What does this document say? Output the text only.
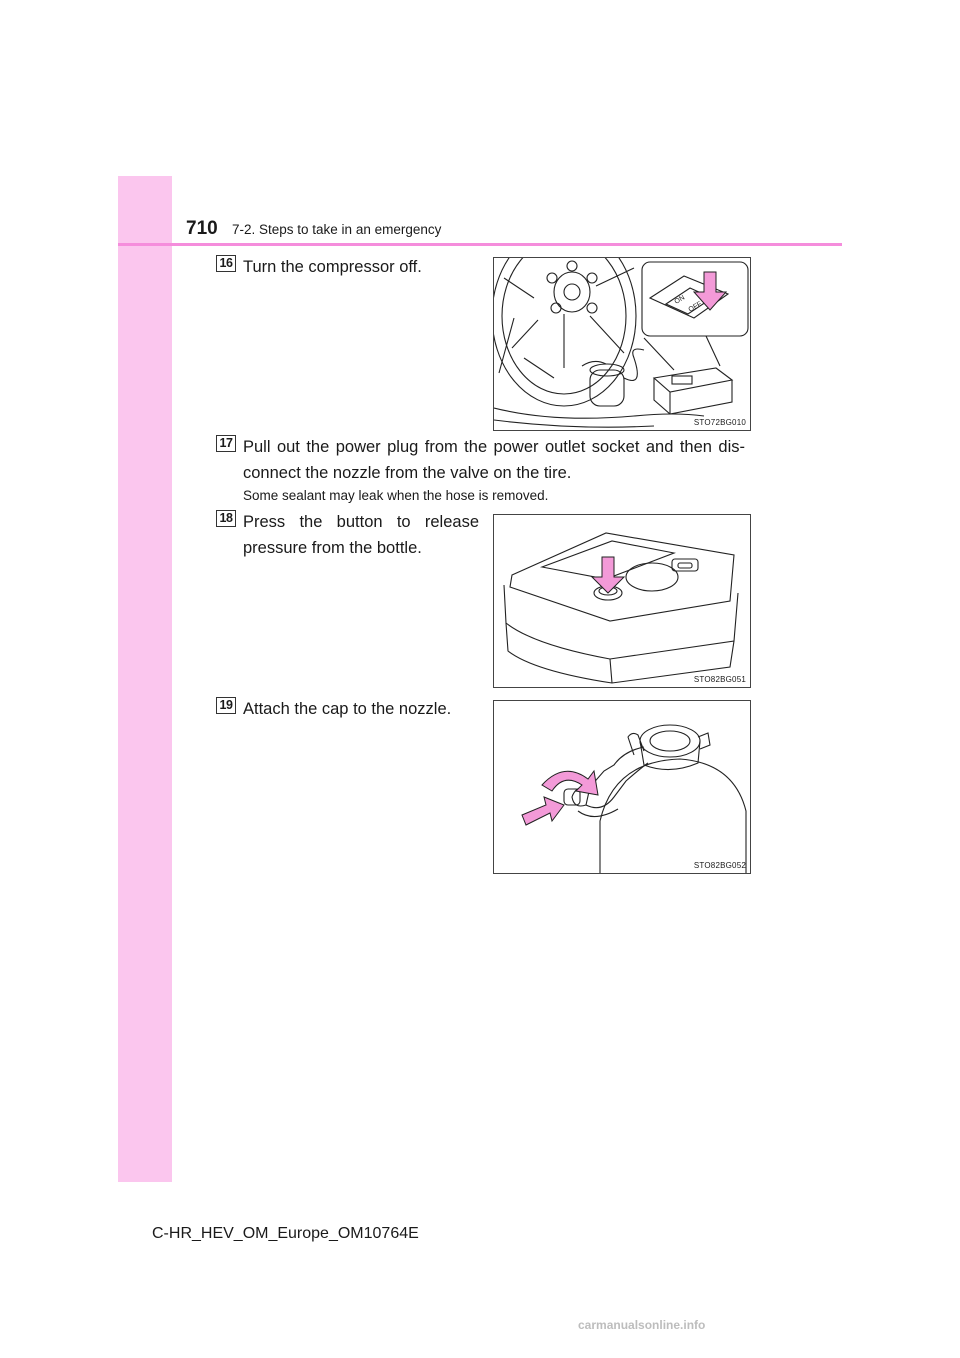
710 7-2. Steps to take in an emergency
16 Turn the compressor off.
ON
OFF
STO72BG010
17 Pull out the power plug from the power outlet socket and then dis-connect the nozzle from the valve on the tire.
Some sealant may leak when the hose is removed.
18 Press the button to release pressure from the bottle.
STO82BG051
19 Attach the cap to the nozzle.
STO82BG052
C-HR_HEV_OM_Europe_OM10764E
carmanualsonline.info
